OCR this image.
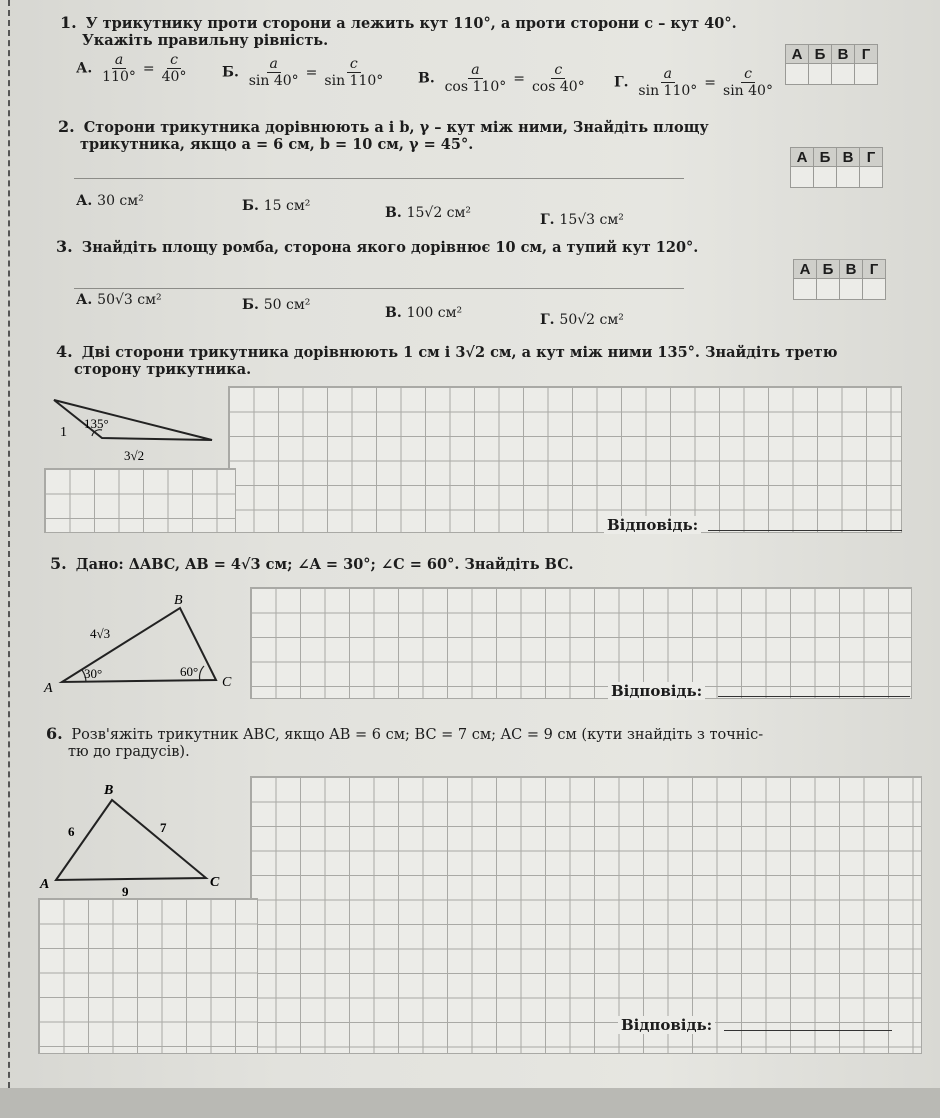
1. У трикутнику проти сторони a лежить кут 110°, а проти сторони c – кут 40°.
Укажіть правильну рівність.
А. $\frac{a}{110^\circ} = \frac{c}{40^\circ} Б$. $\frac{a}{\sin 40^\circ} = \frac{c}{\sin 110^\circ} В$. $\frac{a}{\cos 110^\circ} = \frac{c}{\cos 40^\circ} Г$. $\frac{a}{\sin 110^\circ} = \frac{c}{\sin 40^\circ}$
А	Б	В	Г

2. Сторони трикутника дорівнюють a і b, γ – кут між ними, Знайдіть площу
трикутника, якщо a = 6 см, b = 10 см, γ = 45°.
А. 30 см²	Б. 15 см²	В. 15√2 см²	Г. 15√3 см²
А	Б	В	Г

3. Знайдіть площу ромба, сторона якого дорівнює 10 см, а тупий кут 120°.
А. 50√3 см²	Б. 50 см²	В. 100 см²	Г. 50√2 см²
А	Б	В	Г

4. Дві сторони трикутника дорівнюють 1 см і 3√2 см, а кут між ними 135°. Знайдіть третю
сторону трикутника.
Відповідь:
1
135°
3√2
5. Дано: ΔABC, AB = 4√3 см; ∠A = 30°; ∠C = 60°. Знайдіть BC.
Відповідь:
A
B
C
4√3
30°	60°
6. Розв'яжіть трикутник ABC, якщо AB = 6 см; BC = 7 см; AC = 9 см (кути знайдіть з точніс-
тю до градусів).
Відповідь:
A
B
C
6	7
9
